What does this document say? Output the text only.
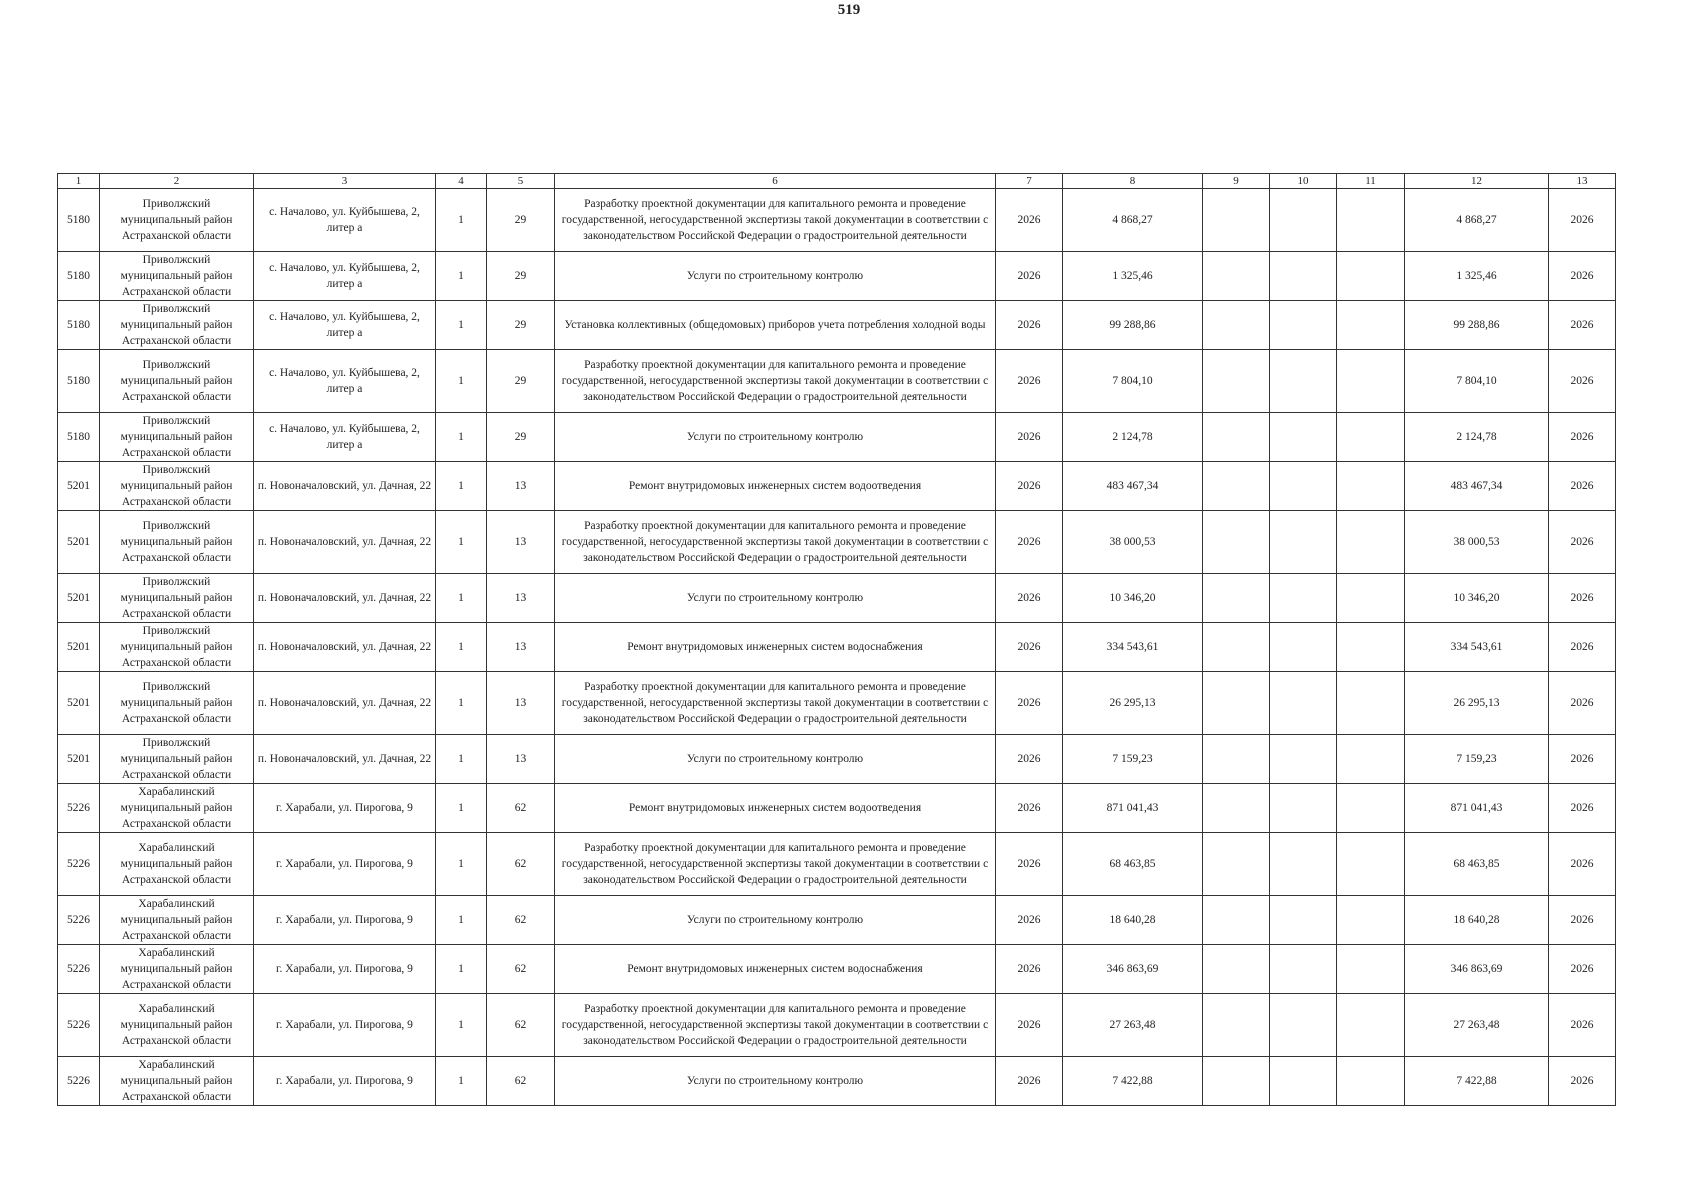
519
1	2	3	4	5	6	7	8	9	10	11	12	13
5180	Приволжский муниципальный район Астраханской области	с. Началово, ул. Куйбышева, 2, литер а	1	29	Разработку проектной документации для капитального ремонта и проведение государственной, негосударственной экспертизы такой документации в соответствии с законодательством Российской Федерации о градостроительной деятельности	2026	4 868,27				4 868,27	2026
5180	Приволжский муниципальный район Астраханской области	с. Началово, ул. Куйбышева, 2, литер а	1	29	Услуги по строительному контролю	2026	1 325,46				1 325,46	2026
5180	Приволжский муниципальный район Астраханской области	с. Началово, ул. Куйбышева, 2, литер а	1	29	Установка коллективных (общедомовых) приборов учета потребления холодной воды	2026	99 288,86				99 288,86	2026
5180	Приволжский муниципальный район Астраханской области	с. Началово, ул. Куйбышева, 2, литер а	1	29	Разработку проектной документации для капитального ремонта и проведение государственной, негосударственной экспертизы такой документации в соответствии с законодательством Российской Федерации о градостроительной деятельности	2026	7 804,10				7 804,10	2026
5180	Приволжский муниципальный район Астраханской области	с. Началово, ул. Куйбышева, 2, литер а	1	29	Услуги по строительному контролю	2026	2 124,78				2 124,78	2026
5201	Приволжский муниципальный район Астраханской области	п. Новоначаловский, ул. Дачная, 22	1	13	Ремонт внутридомовых инженерных систем водоотведения	2026	483 467,34				483 467,34	2026
5201	Приволжский муниципальный район Астраханской области	п. Новоначаловский, ул. Дачная, 22	1	13	Разработку проектной документации для капитального ремонта и проведение государственной, негосударственной экспертизы такой документации в соответствии с законодательством Российской Федерации о градостроительной деятельности	2026	38 000,53				38 000,53	2026
5201	Приволжский муниципальный район Астраханской области	п. Новоначаловский, ул. Дачная, 22	1	13	Услуги по строительному контролю	2026	10 346,20				10 346,20	2026
5201	Приволжский муниципальный район Астраханской области	п. Новоначаловский, ул. Дачная, 22	1	13	Ремонт внутридомовых инженерных систем водоснабжения	2026	334 543,61				334 543,61	2026
5201	Приволжский муниципальный район Астраханской области	п. Новоначаловский, ул. Дачная, 22	1	13	Разработку проектной документации для капитального ремонта и проведение государственной, негосударственной экспертизы такой документации в соответствии с законодательством Российской Федерации о градостроительной деятельности	2026	26 295,13				26 295,13	2026
5201	Приволжский муниципальный район Астраханской области	п. Новоначаловский, ул. Дачная, 22	1	13	Услуги по строительному контролю	2026	7 159,23				7 159,23	2026
5226	Харабалинский муниципальный район Астраханской области	г. Харабали, ул. Пирогова, 9	1	62	Ремонт внутридомовых инженерных систем водоотведения	2026	871 041,43				871 041,43	2026
5226	Харабалинский муниципальный район Астраханской области	г. Харабали, ул. Пирогова, 9	1	62	Разработку проектной документации для капитального ремонта и проведение государственной, негосударственной экспертизы такой документации в соответствии с законодательством Российской Федерации о градостроительной деятельности	2026	68 463,85				68 463,85	2026
5226	Харабалинский муниципальный район Астраханской области	г. Харабали, ул. Пирогова, 9	1	62	Услуги по строительному контролю	2026	18 640,28				18 640,28	2026
5226	Харабалинский муниципальный район Астраханской области	г. Харабали, ул. Пирогова, 9	1	62	Ремонт внутридомовых инженерных систем водоснабжения	2026	346 863,69				346 863,69	2026
5226	Харабалинский муниципальный район Астраханской области	г. Харабали, ул. Пирогова, 9	1	62	Разработку проектной документации для капитального ремонта и проведение государственной, негосударственной экспертизы такой документации в соответствии с законодательством Российской Федерации о градостроительной деятельности	2026	27 263,48				27 263,48	2026
5226	Харабалинский муниципальный район Астраханской области	г. Харабали, ул. Пирогова, 9	1	62	Услуги по строительному контролю	2026	7 422,88				7 422,88	2026
